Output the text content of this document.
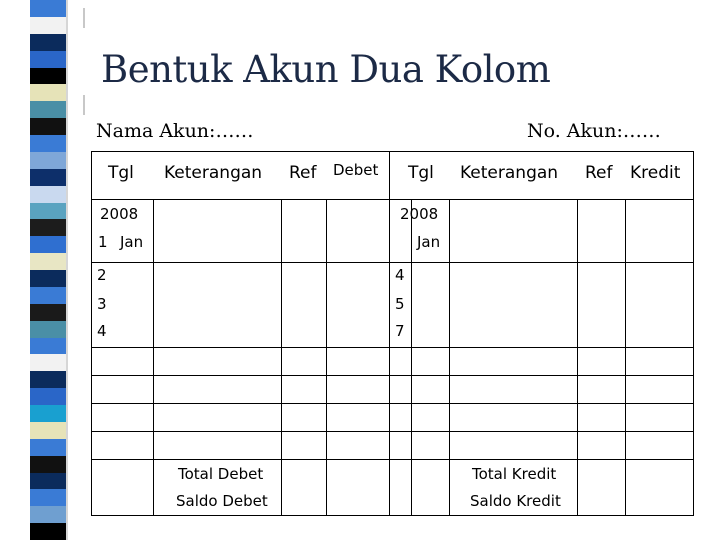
Bentuk Akun Dua Kolom
Nama Akun:……	No. Akun:……
Tgl Keterangan Ref Debet Tgl Keterangan Ref Kredit
2008
1 Jan
2
3
4
Total Debet
Saldo Debet
2008
Jan
4
5
7
Total Kredit
Saldo Kredit
